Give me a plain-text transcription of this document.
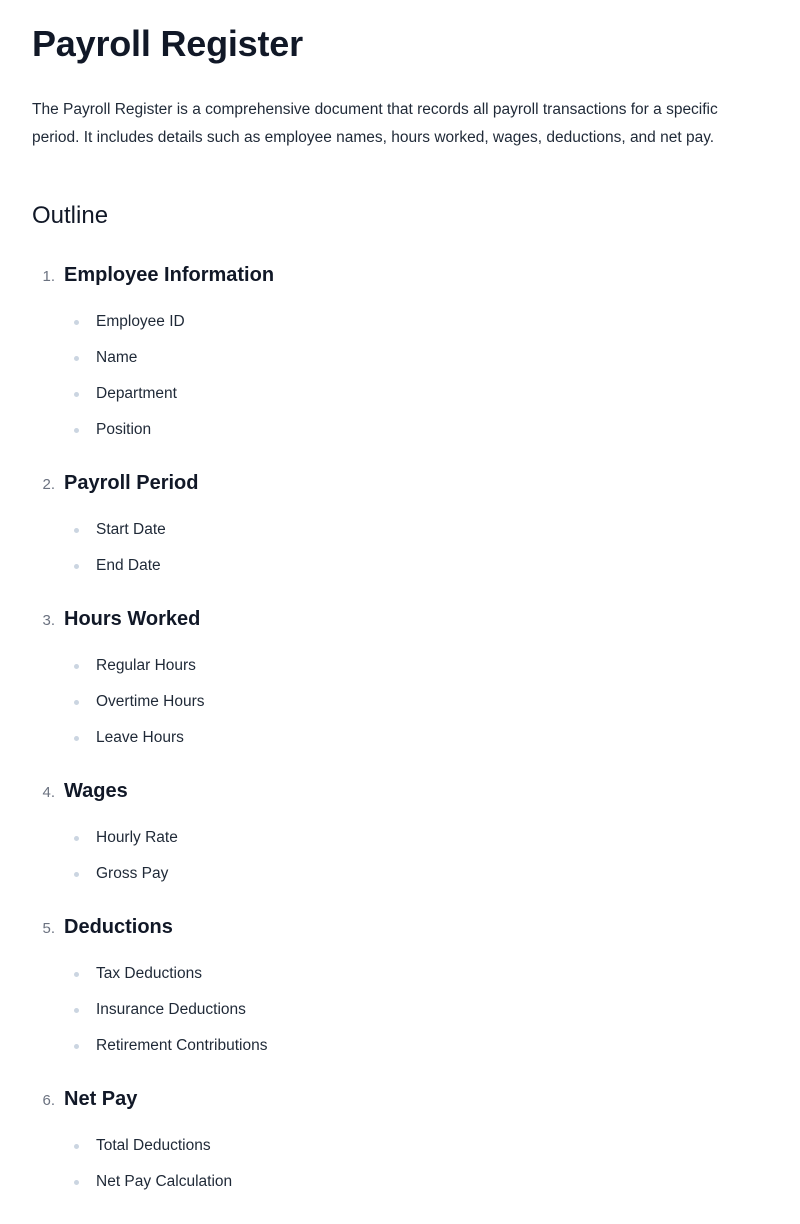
Payroll Register

The Payroll Register is a comprehensive document that records all payroll transactions for a specific period. It includes details such as employee names, hours worked, wages, deductions, and net pay.

Outline
1. Employee Information
Employee ID
Name
Department
Position
2. Payroll Period
Start Date
End Date
3. Hours Worked
Regular Hours
Overtime Hours
Leave Hours
4. Wages
Hourly Rate
Gross Pay
5. Deductions
Tax Deductions
Insurance Deductions
Retirement Contributions
6. Net Pay
Total Deductions
Net Pay Calculation
